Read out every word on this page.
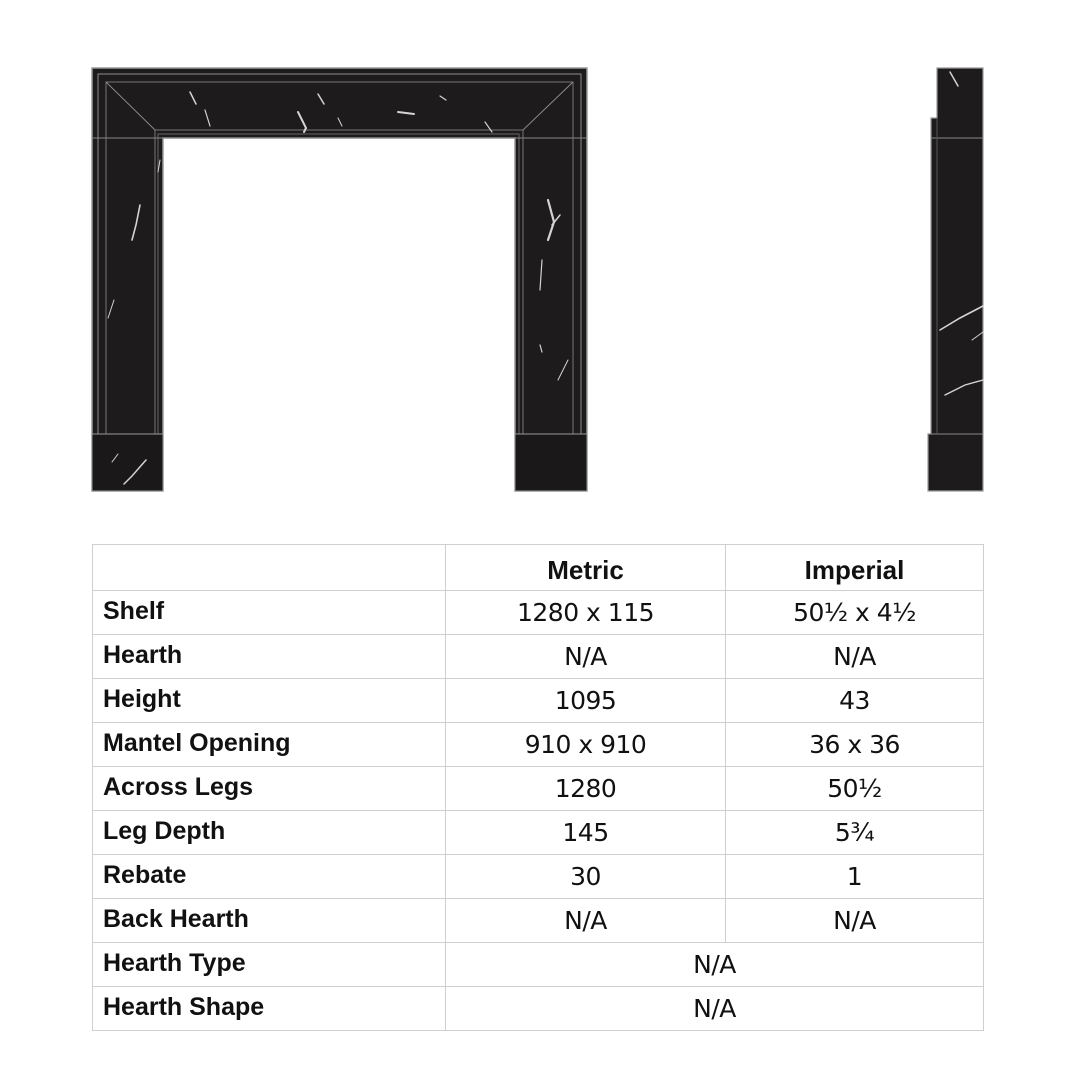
	Metric	Imperial
Shelf	1280 x 115	50½ x 4½
Hearth	N/A	N/A
Height	1095	43
Mantel Opening	910 x 910	36 x 36
Across Legs	1280	50½
Leg Depth	145	5¾
Rebate	30	1
Back Hearth	N/A	N/A
Hearth Type	N/A	
Hearth Shape	N/A	
